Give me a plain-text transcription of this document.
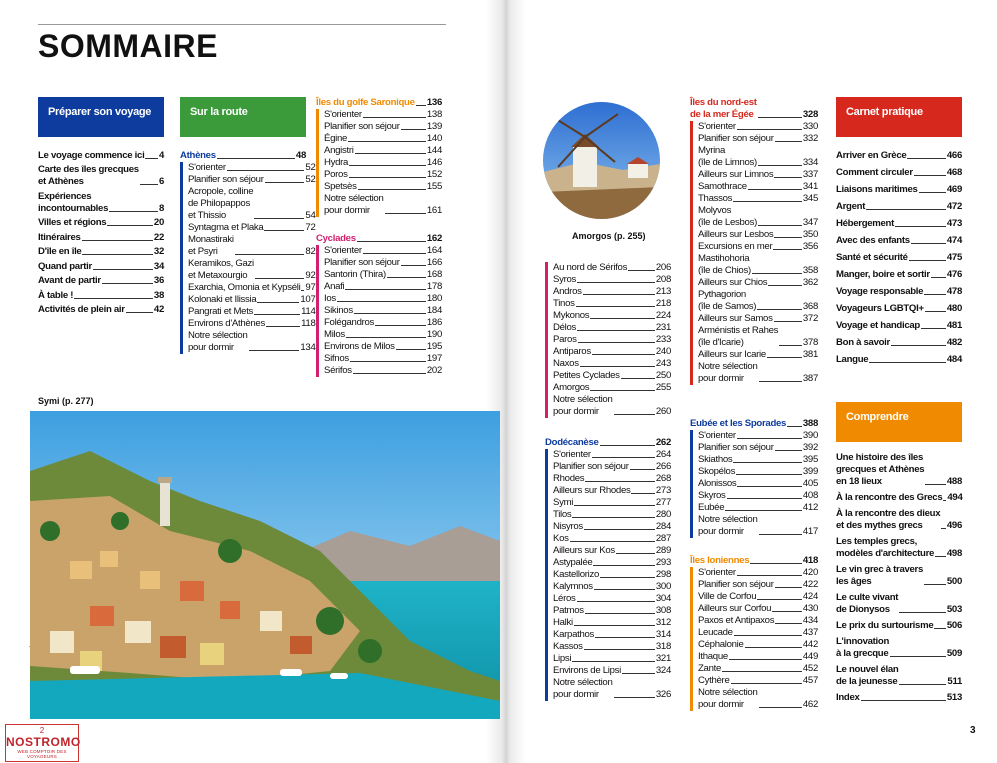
SOMMAIRE
Préparer son voyage	Sur la route	Carnet pratique
Comprendre
Le voyage commence ici 4
Carte des îles grecques
et Athènes	6
Expériences
incontournables	8
Villes et régions	20
Itinéraires	22
D'île en île	32
Quand partir	34
Avant de partir	36
À table !	38
Activités de plein air	42
Athènes	48
S'orienter	52
Planifier son séjour	52
Acropole, colline
de Philopappos
et Thissio	54
Syntagma et Plaka	72
Monastiraki
et Psyri	82
Keramikos, Gazi
et Metaxourgio	92
Exarchia, Omonia et Kypséli 97
Kolonaki et Ilissia	107
Pangrati et Mets	114
Environs d'Athènes	118
Notre sélection
pour dormir	134
Îles du golfe Saronique 136
S'orienter	138
Planifier son séjour	139
Égine	140
Angistri	144
Hydra	146
Poros	152
Spetsès	155
Notre sélection
pour dormir	161
Cyclades	162
S'orienter	164
Planifier son séjour	166
Santorin (Thira)	168
Anafi	178
Ios	180
Sikinos	184
Folégandros	186
Milos	190
Environs de Milos	195
Sifnos	197
Sérifos	202
Symi (p. 277)
Amorgos (p. 255)
Au nord de Sérifos	206
Syros	208
Andros	213
Tinos	218
Mykonos	224
Délos	231
Paros	233
Antiparos	240
Naxos	243
Petites Cyclades	250
Amorgos	255
Notre sélection
pour dormir	260
Dodécanèse	262
S'orienter	264
Planifier son séjour	266
Rhodes	268
Ailleurs sur Rhodes	273
Symi	277
Tilos	280
Nisyros	284
Kos	287
Ailleurs sur Kos	289
Astypalée	293
Kastellorizo	298
Kalymnos	300
Léros	304
Patmos	308
Halki	312
Karpathos	314
Kassos	318
Lipsi	321
Environs de Lipsi	324
Notre sélection
pour dormir	326
Îles du nord-est
de la mer Égée	328
S'orienter	330
Planifier son séjour	332
Myrina
(île de Limnos)	334
Ailleurs sur Limnos	337
Samothrace	341
Thassos	345
Molyvos
(île de Lesbos)	347
Ailleurs sur Lesbos	350
Excursions en mer	356
Mastihohoria
(île de Chios)	358
Ailleurs sur Chios	362
Pythagorion
(île de Samos)	368
Ailleurs sur Samos	372
Arménistis et Rahes
(île d'Icarie)	378
Ailleurs sur Icarie	381
Notre sélection
pour dormir	387
Eubée et les Sporades 388
S'orienter	390
Planifier son séjour	392
Skiathos	395
Skopélos	399
Alonissos	405
Skyros	408
Eubée	412
Notre sélection
pour dormir	417
Îles Ioniennes	418
S'orienter	420
Planifier son séjour	422
Ville de Corfou	424
Ailleurs sur Corfou	430
Paxos et Antipaxos	434
Leucade	437
Céphalonie	442
Ithaque	449
Zante	452
Cythère	457
Notre sélection
pour dormir	462
Arriver en Grèce	466
Comment circuler	468
Liaisons maritimes	469
Argent	472
Hébergement	473
Avec des enfants	474
Santé et sécurité	475
Manger, boire et sortir 476
Voyage responsable 478
Voyageurs LGBTQI+ 480
Voyage et handicap	481
Bon à savoir	482
Langue	484
Une histoire des îles
grecques et Athènes
en 18 lieux	488
À la rencontre des Grecs 494
À la rencontre des dieux
et des mythes grecs	496
Les temples grecs,
modèles d'architecture 498
Le vin grec à travers
les âges	500
Le culte vivant
de Dionysos	503
Le prix du surtourisme 506
L'innovation
à la grecque	509
Le nouvel élan
de la jeunesse	511
Index	513
3
2
NOSTROMO
WEB COMPTOIR DES VOYAGEURS
